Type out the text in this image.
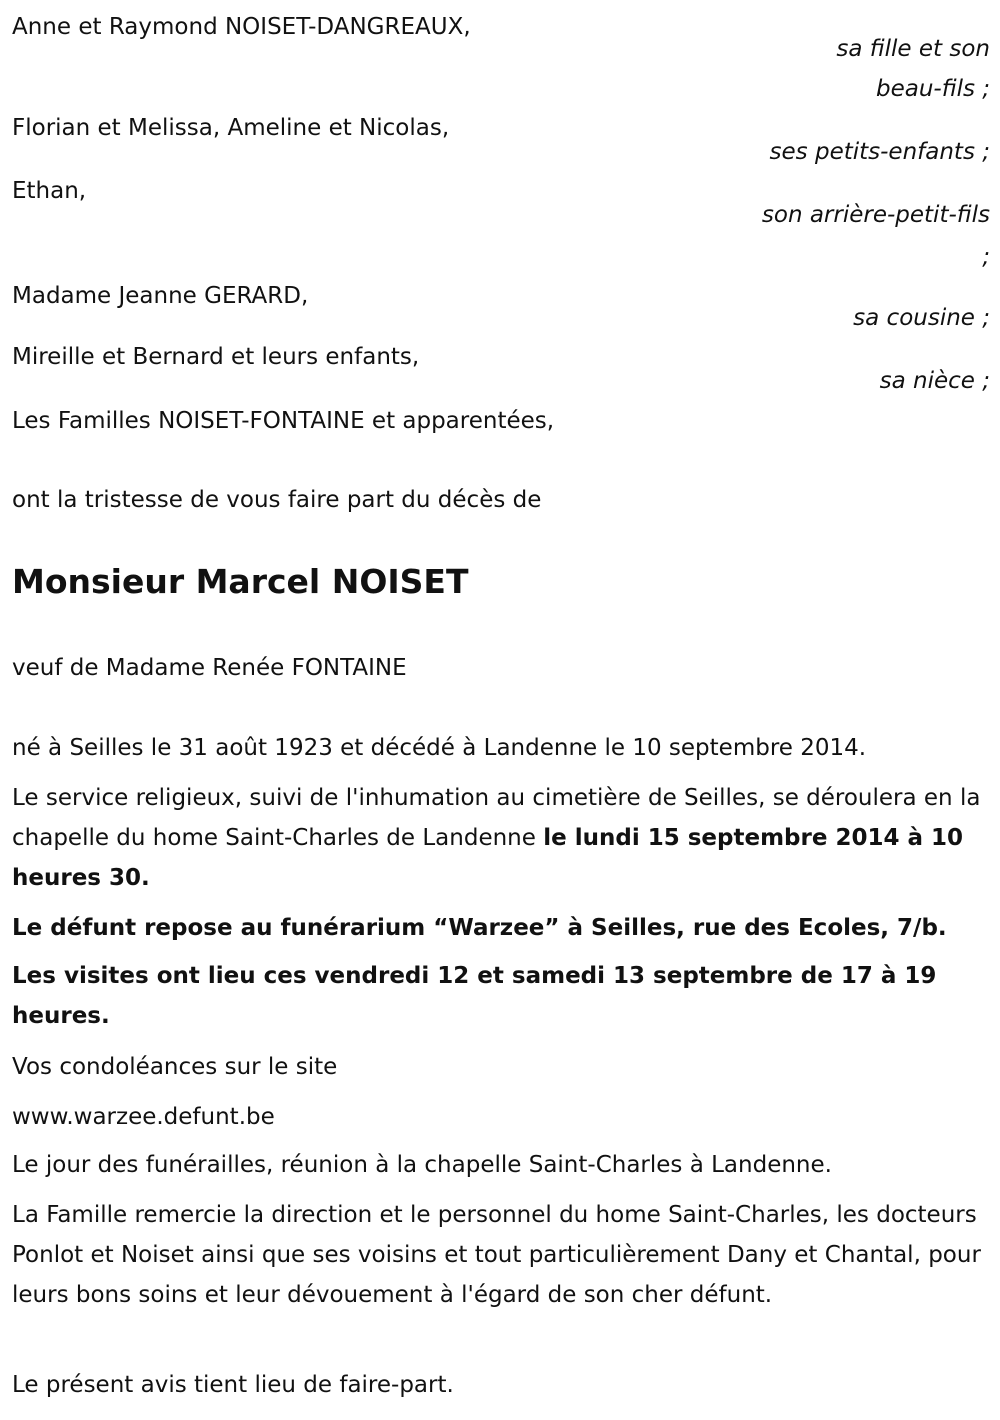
Anne et Raymond NOISET-DANGREAUX,
sa fille et son
beau-fils ;
Florian et Melissa, Ameline et Nicolas,
ses petits-enfants ;
Ethan,
son arrière-petit-fils
;
Madame Jeanne GERARD,
sa cousine ;
Mireille et Bernard et leurs enfants,
sa nièce ;
Les Familles NOISET-FONTAINE et apparentées,
ont la tristesse de vous faire part du décès de
Monsieur Marcel NOISET
veuf de Madame Renée FONTAINE
né à Seilles le 31 août 1923 et décédé à Landenne le 10 septembre 2014.
Le service religieux, suivi de l'inhumation au cimetière de Seilles, se déroulera en la chapelle du home Saint-Charles de Landenne le lundi 15 septembre 2014 à 10 heures 30.
Le défunt repose au funérarium “Warzee” à Seilles, rue des Ecoles, 7/b.
Les visites ont lieu ces vendredi 12 et samedi 13 septembre de 17 à 19 heures.
Vos condoléances sur le site
www.warzee.defunt.be
Le jour des funérailles, réunion à la chapelle Saint-Charles à Landenne.
La Famille remercie la direction et le personnel du home Saint-Charles, les docteurs Ponlot et Noiset ainsi que ses voisins et tout particulièrement Dany et Chantal, pour leurs bons soins et leur dévouement à l'égard de son cher défunt.
Le présent avis tient lieu de faire-part.
